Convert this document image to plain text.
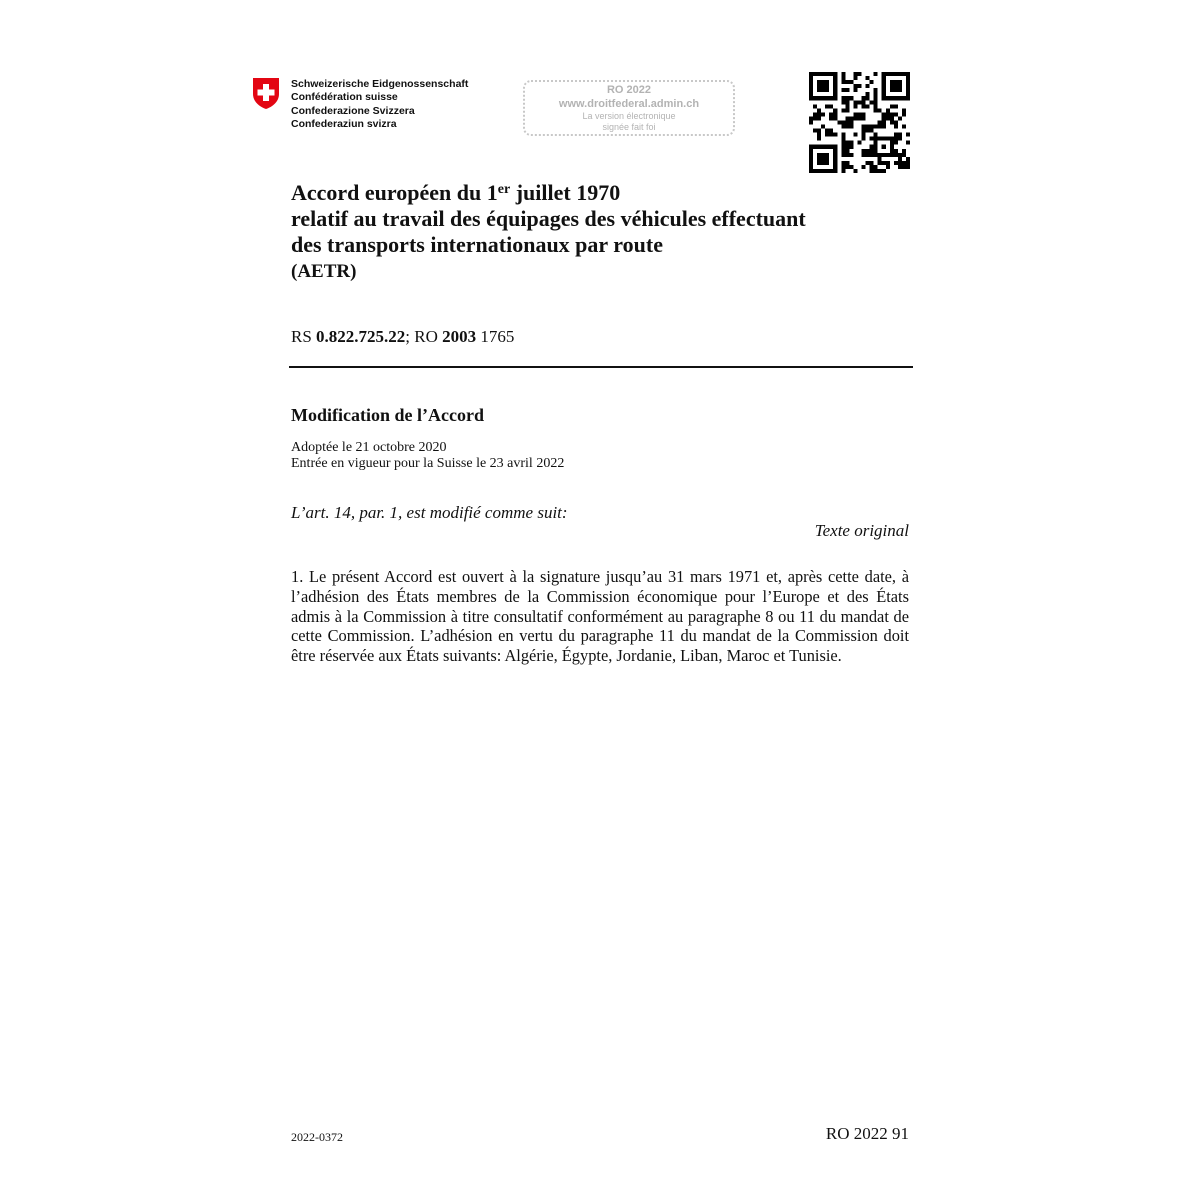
Schweizerische Eidgenossenschaft
Confédération suisse
Confederazione Svizzera
Confederaziun svizra
RO 2022
www.droitfederal.admin.ch
La version électronique
signée fait foi
Accord européen du 1er juillet 1970
relatif au travail des équipages des véhicules effectuant
des transports internationaux par route
(AETR)
RS 0.822.725.22; RO 2003 1765
Modification de l’Accord
Adoptée le 21 octobre 2020
Entrée en vigueur pour la Suisse le 23 avril 2022
L’art. 14, par. 1, est modifié comme suit:
Texte original
1. Le présent Accord est ouvert à la signature jusqu’au 31 mars 1971 et, après cette date, à l’adhésion des États membres de la Commission économique pour l’Europe et des États admis à la Commission à titre consultatif conformément au paragraphe 8 ou 11 du mandat de cette Commission. L’adhésion en vertu du paragraphe 11 du mandat de la Commission doit être réservée aux États suivants: Algérie, Égypte, Jordanie, Liban, Maroc et Tunisie.
2022-0372	RO 2022 91
